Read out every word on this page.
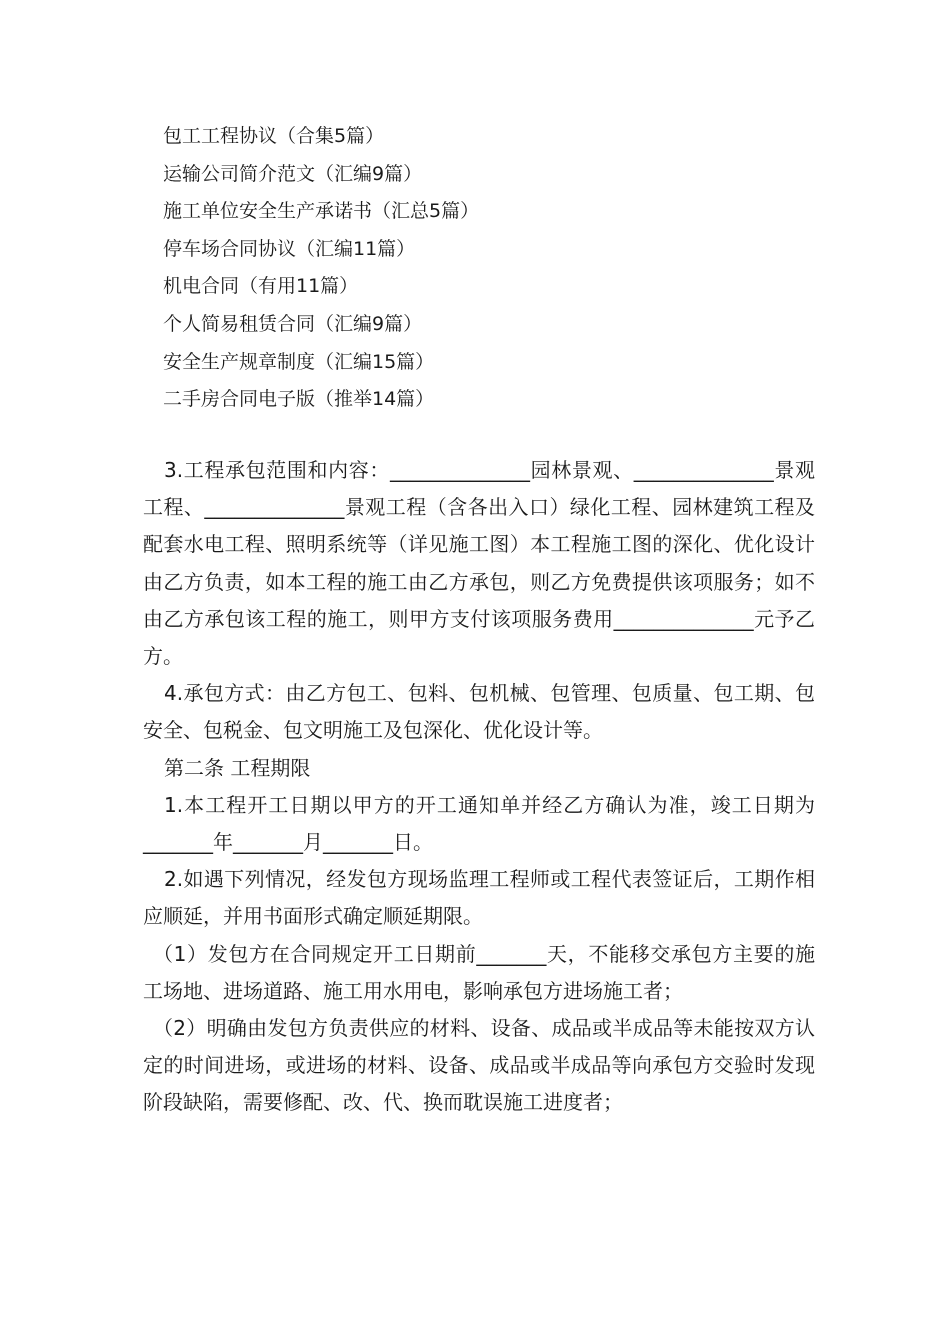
包工工程协议（合集5篇）
运输公司简介范文（汇编9篇）
施工单位安全生产承诺书（汇总5篇）
停车场合同协议（汇编11篇）
机电合同（有用11篇）
个人简易租赁合同（汇编9篇）
安全生产规章制度（汇编15篇）
二手房合同电子版（推举14篇）

3.工程承包范围和内容：______________园林景观、______________景观工程、______________景观工程（含各出入口）绿化工程、园林建筑工程及配套水电工程、照明系统等（详见施工图）本工程施工图的深化、优化设计由乙方负责，如本工程的施工由乙方承包，则乙方免费提供该项服务；如不由乙方承包该工程的施工，则甲方支付该项服务费用______________元予乙方。

4.承包方式：由乙方包工、包料、包机械、包管理、包质量、包工期、包安全、包税金、包文明施工及包深化、优化设计等。

第二条 工程期限

1.本工程开工日期以甲方的开工通知单并经乙方确认为准，竣工日期为_______年_______月_______日。

2.如遇下列情况，经发包方现场监理工程师或工程代表签证后，工期作相应顺延，并用书面形式确定顺延期限。

（1）发包方在合同规定开工日期前_______天，不能移交承包方主要的施工场地、进场道路、施工用水用电，影响承包方进场施工者；

（2）明确由发包方负责供应的材料、设备、成品或半成品等未能按双方认定的时间进场，或进场的材料、设备、成品或半成品等向承包方交验时发现阶段缺陷，需要修配、改、代、换而耽误施工进度者；
